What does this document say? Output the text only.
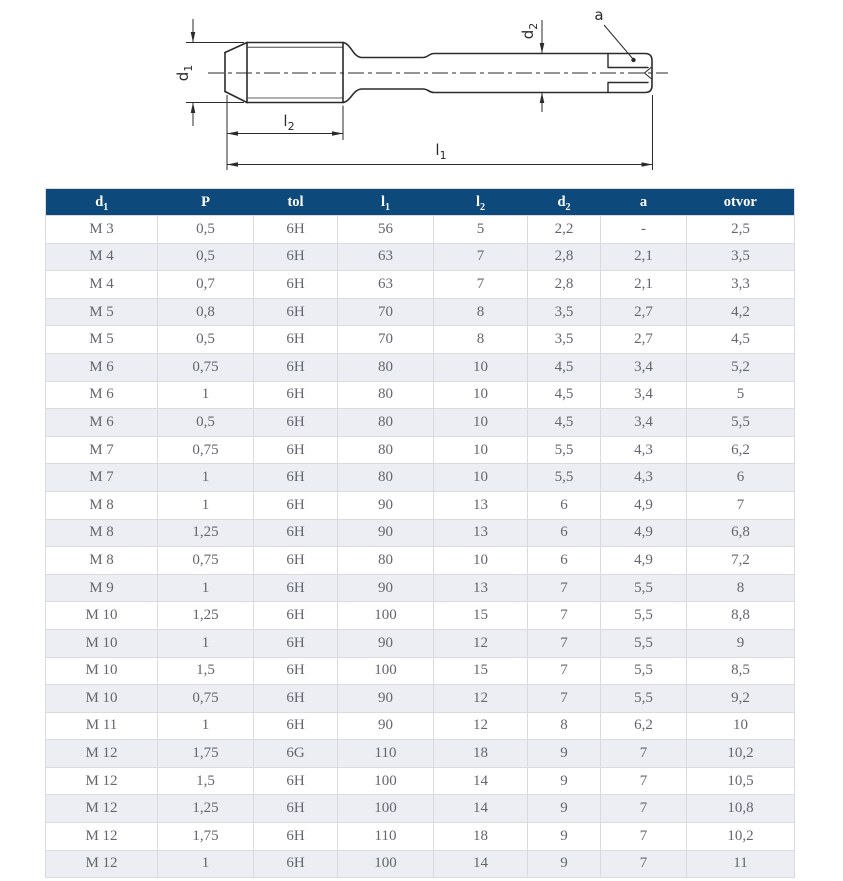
$d_1$
$l_2$
$l_1$
$d_2$
a
$d_1$	P	tol	$l_1$	$l_2$	$d_2$	a	otvor
M 3	0,5	6H	56	5	2,2	-	2,5
M 4	0,5	6H	63	7	2,8	2,1	3,5
M 4	0,7	6H	63	7	2,8	2,1	3,3
M 5	0,8	6H	70	8	3,5	2,7	4,2
M 5	0,5	6H	70	8	3,5	2,7	4,5
M 6	0,75	6H	80	10	4,5	3,4	5,2
M 6	1	6H	80	10	4,5	3,4	5
M 6	0,5	6H	80	10	4,5	3,4	5,5
M 7	0,75	6H	80	10	5,5	4,3	6,2
M 7	1	6H	80	10	5,5	4,3	6
M 8	1	6H	90	13	6	4,9	7
M 8	1,25	6H	90	13	6	4,9	6,8
M 8	0,75	6H	80	10	6	4,9	7,2
M 9	1	6H	90	13	7	5,5	8
M 10	1,25	6H	100	15	7	5,5	8,8
M 10	1	6H	90	12	7	5,5	9
M 10	1,5	6H	100	15	7	5,5	8,5
M 10	0,75	6H	90	12	7	5,5	9,2
M 11	1	6H	90	12	8	6,2	10
M 12	1,75	6G	110	18	9	7	10,2
M 12	1,5	6H	100	14	9	7	10,5
M 12	1,25	6H	100	14	9	7	10,8
M 12	1,75	6H	110	18	9	7	10,2
M 12	1	6H	100	14	9	7	11
